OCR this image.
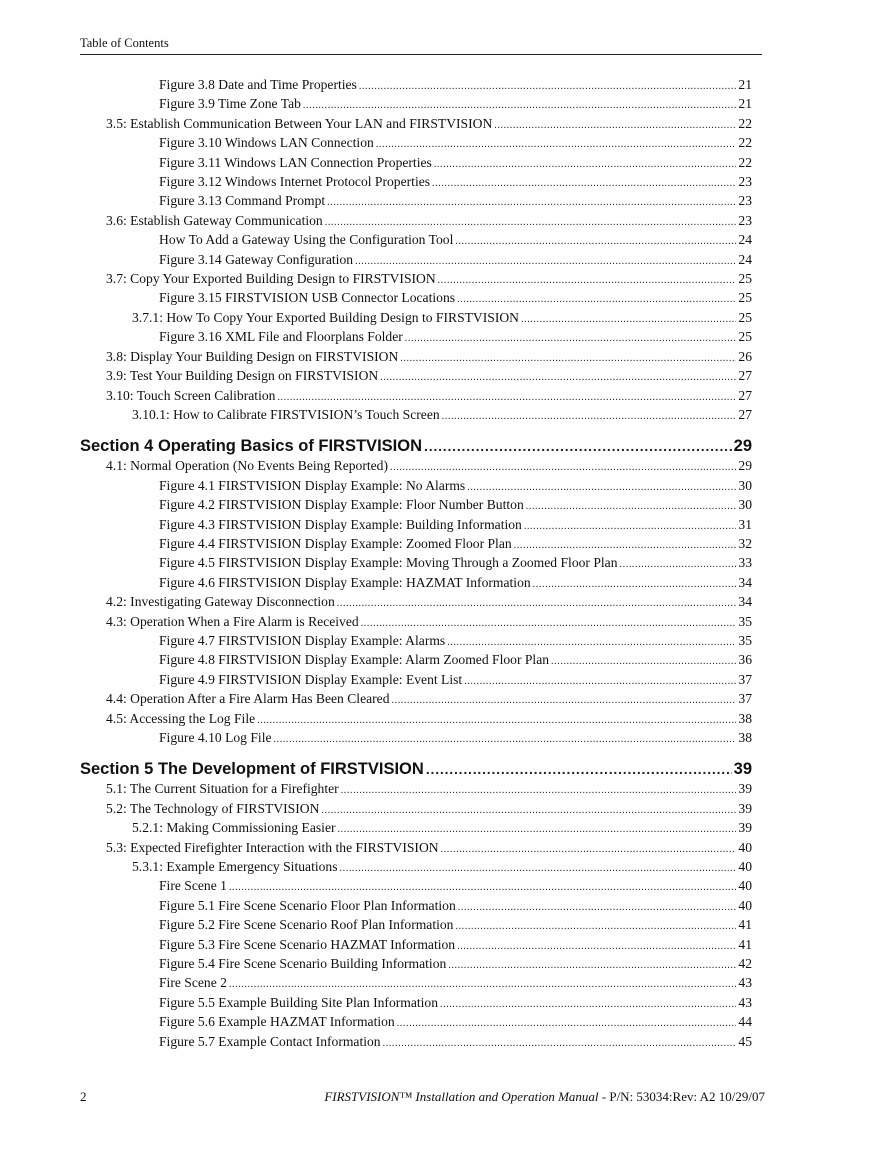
Table of Contents
Figure 3.8 Date and Time Properties .....	21
Figure 3.9 Time Zone Tab .....	21
3.5: Establish Communication Between Your LAN and FIRSTVISION .....	22
Figure 3.10 Windows LAN Connection .....	22
Figure 3.11 Windows LAN Connection Properties .....	22
Figure 3.12 Windows Internet Protocol Properties .....	23
Figure 3.13 Command Prompt .....	23
3.6: Establish Gateway Communication .....	23
How To Add a Gateway Using the Configuration Tool .....	24
Figure 3.14 Gateway Configuration .....	24
3.7: Copy Your Exported Building Design to FIRSTVISION .....	25
Figure 3.15 FIRSTVISION USB Connector Locations .....	25
3.7.1: How To Copy Your Exported Building Design to FIRSTVISION .....	25
Figure 3.16 XML File and Floorplans Folder .....	25
3.8: Display Your Building Design on FIRSTVISION .....	26
3.9: Test Your Building Design on FIRSTVISION .....	27
3.10: Touch Screen Calibration .....	27
3.10.1: How to Calibrate FIRSTVISION’s Touch Screen .....	27
Section 4 Operating Basics of FIRSTVISION .....	29
4.1: Normal Operation (No Events Being Reported) .....	29
Figure 4.1 FIRSTVISION Display Example: No Alarms .....	30
Figure 4.2 FIRSTVISION Display Example: Floor Number Button .....	30
Figure 4.3 FIRSTVISION Display Example: Building Information .....	31
Figure 4.4 FIRSTVISION Display Example: Zoomed Floor Plan .....	32
Figure 4.5 FIRSTVISION Display Example: Moving Through a Zoomed Floor Plan .....	33
Figure 4.6 FIRSTVISION Display Example: HAZMAT Information .....	34
4.2: Investigating Gateway Disconnection .....	34
4.3: Operation When a Fire Alarm is Received .....	35
Figure 4.7 FIRSTVISION Display Example: Alarms .....	35
Figure 4.8 FIRSTVISION Display Example: Alarm Zoomed Floor Plan .....	36
Figure 4.9 FIRSTVISION Display Example: Event List .....	37
4.4: Operation After a Fire Alarm Has Been Cleared .....	37
4.5: Accessing the Log File .....	38
Figure 4.10 Log File .....	38
Section 5 The Development of FIRSTVISION .....	39
5.1: The Current Situation for a Firefighter .....	39
5.2: The Technology of FIRSTVISION .....	39
5.2.1: Making Commissioning Easier .....	39
5.3: Expected Firefighter Interaction with the FIRSTVISION .....	40
5.3.1: Example Emergency Situations .....	40
Fire Scene 1 .....	40
Figure 5.1 Fire Scene Scenario Floor Plan Information .....	40
Figure 5.2 Fire Scene Scenario Roof Plan Information .....	41
Figure 5.3 Fire Scene Scenario HAZMAT Information .....	41
Figure 5.4 Fire Scene Scenario Building Information .....	42
Fire Scene 2 .....	43
Figure 5.5 Example Building Site Plan Information .....	43
Figure 5.6 Example HAZMAT Information .....	44
Figure 5.7 Example Contact Information .....	45
2	FIRSTVISION™ Installation and Operation Manual - P/N: 53034:Rev: A2 10/29/07
